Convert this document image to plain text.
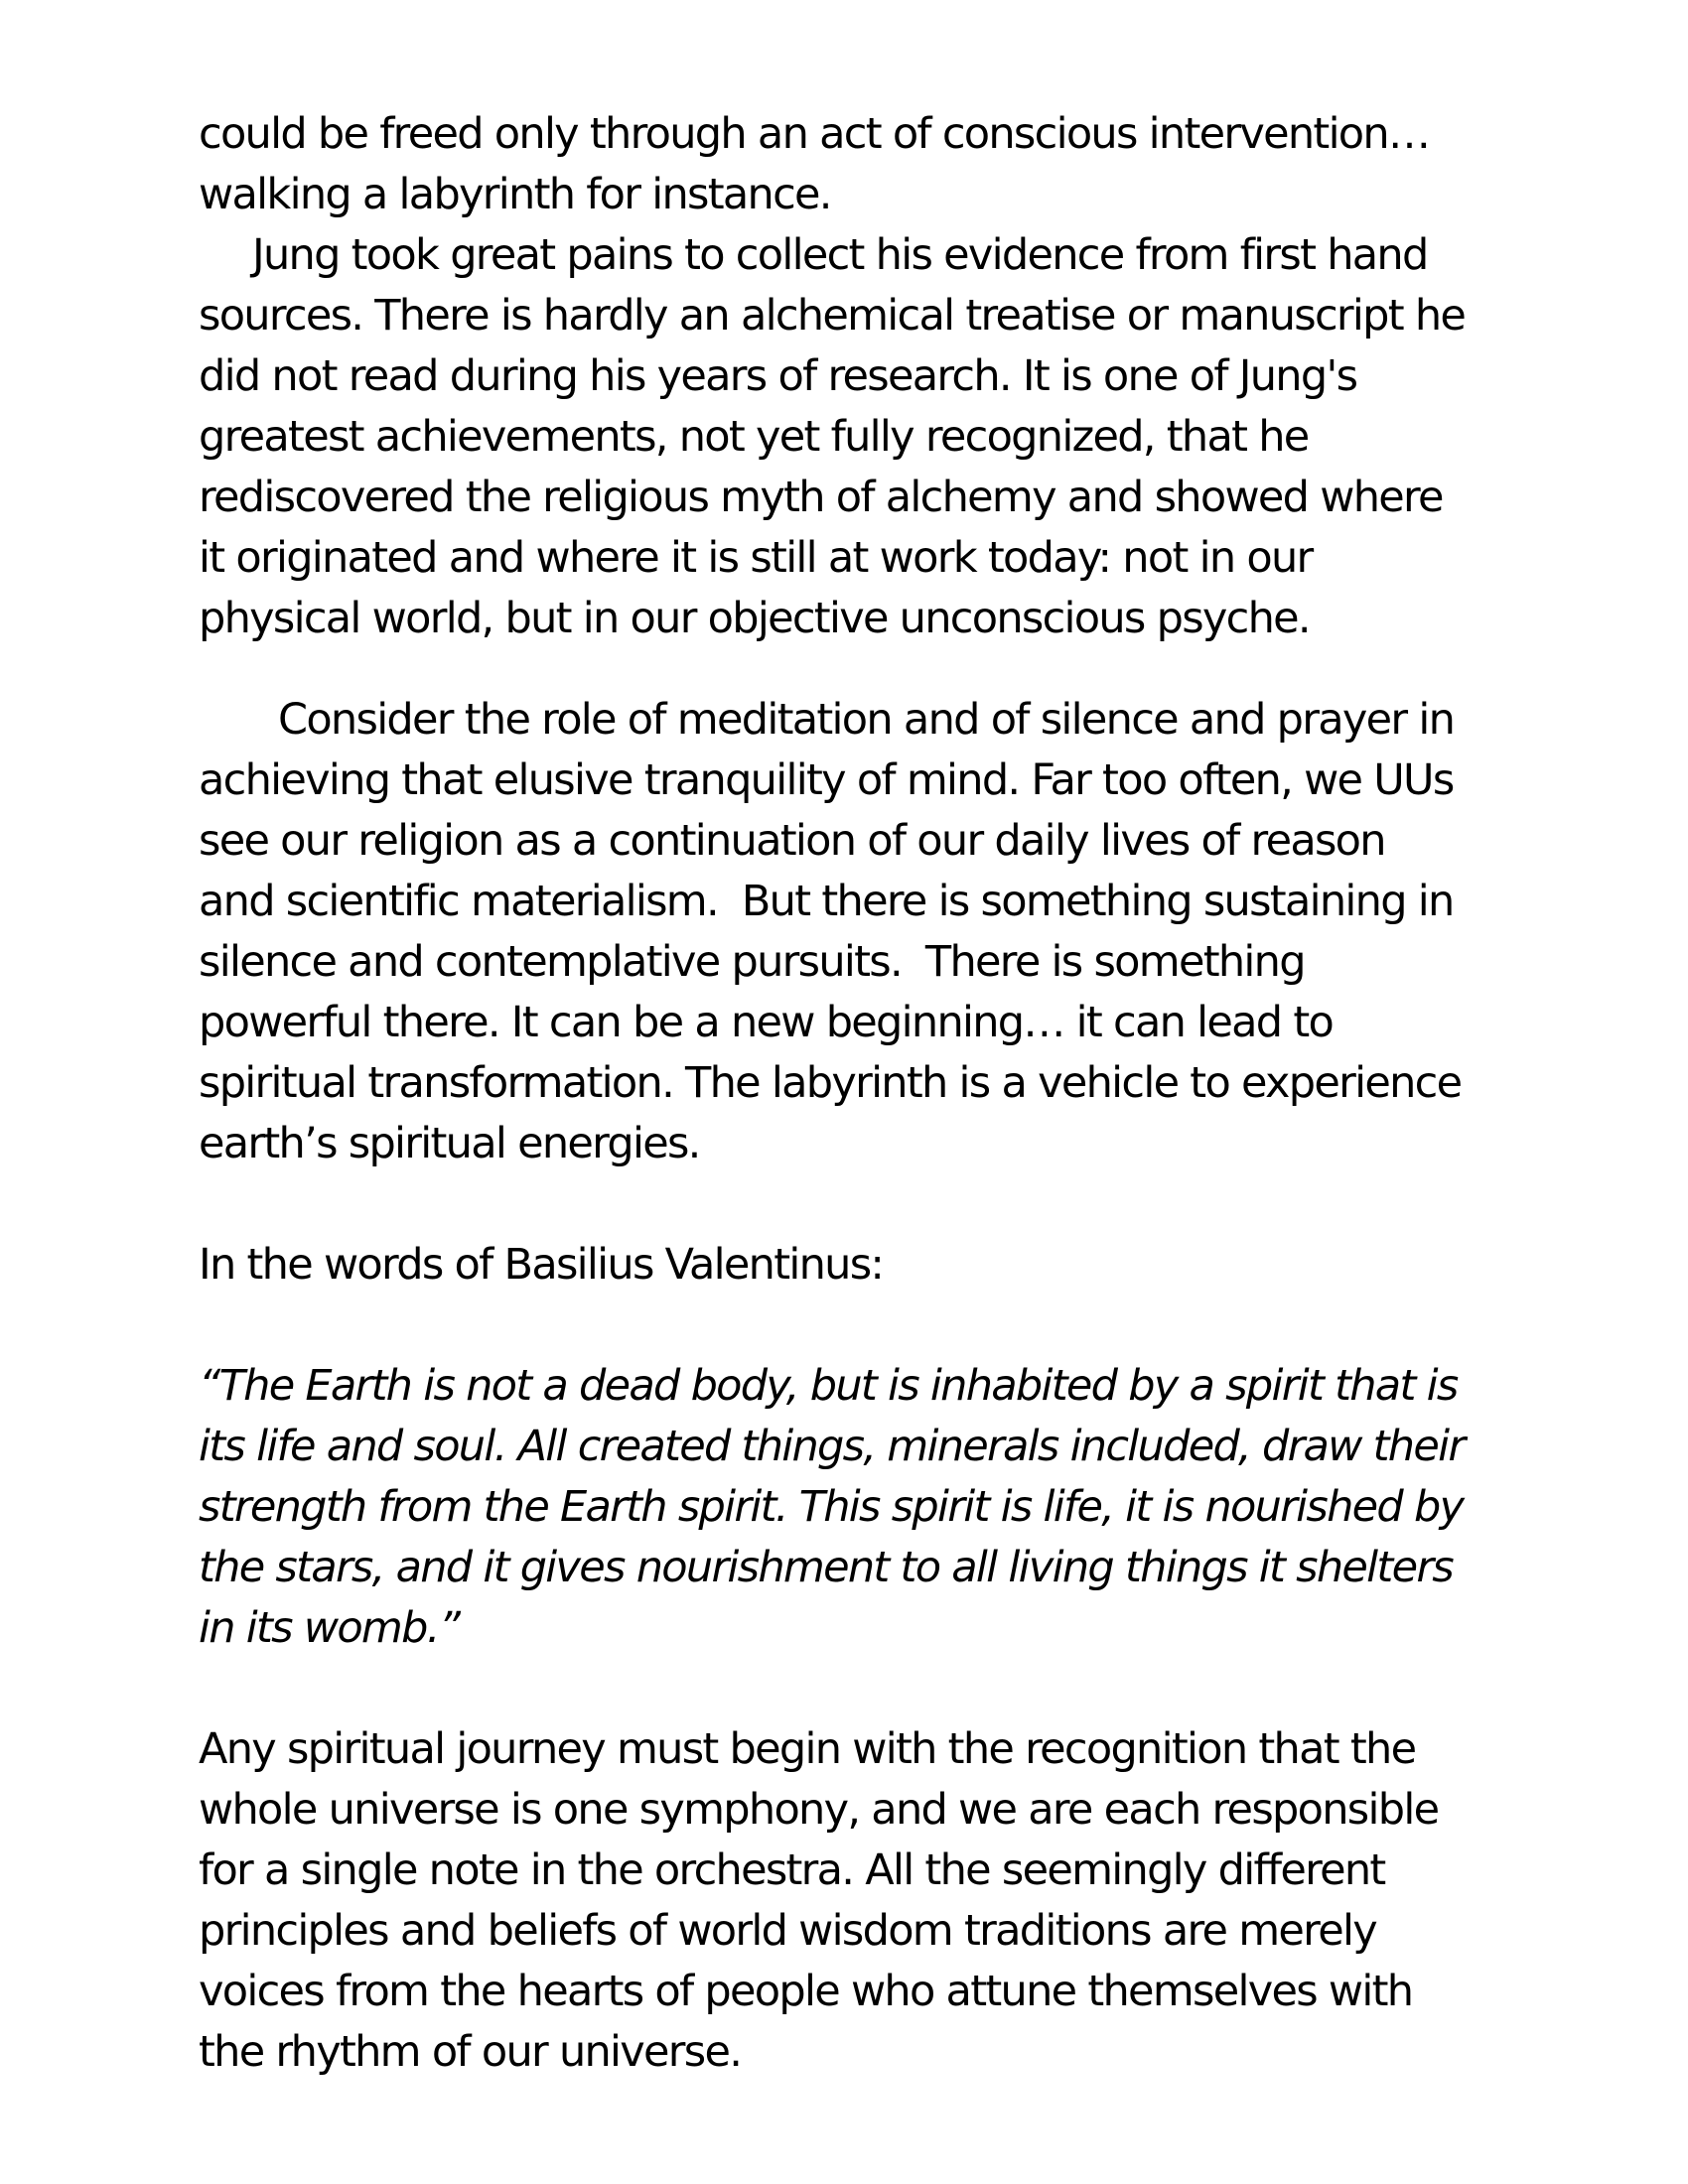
could be freed only through an act of conscious intervention…
walking a labyrinth for instance.

Jung took great pains to collect his evidence from first hand
sources. There is hardly an alchemical treatise or manuscript he
did not read during his years of research. It is one of Jung's
greatest achievements, not yet fully recognized, that he
rediscovered the religious myth of alchemy and showed where
it originated and where it is still at work today: not in our
physical world, but in our objective unconscious psyche.

Consider the role of meditation and of silence and prayer in
achieving that elusive tranquility of mind. Far too often, we UUs
see our religion as a continuation of our daily lives of reason
and scientific materialism.  But there is something sustaining in
silence and contemplative pursuits.  There is something
powerful there. It can be a new beginning… it can lead to
spiritual transformation. The labyrinth is a vehicle to experience
earth’s spiritual energies.

In the words of Basilius Valentinus:

“The Earth is not a dead body, but is inhabited by a spirit that is
its life and soul. All created things, minerals included, draw their
strength from the Earth spirit. This spirit is life, it is nourished by
the stars, and it gives nourishment to all living things it shelters
in its womb.”

Any spiritual journey must begin with the recognition that the
whole universe is one symphony, and we are each responsible
for a single note in the orchestra. All the seemingly different
principles and beliefs of world wisdom traditions are merely
voices from the hearts of people who attune themselves with
the rhythm of our universe.
